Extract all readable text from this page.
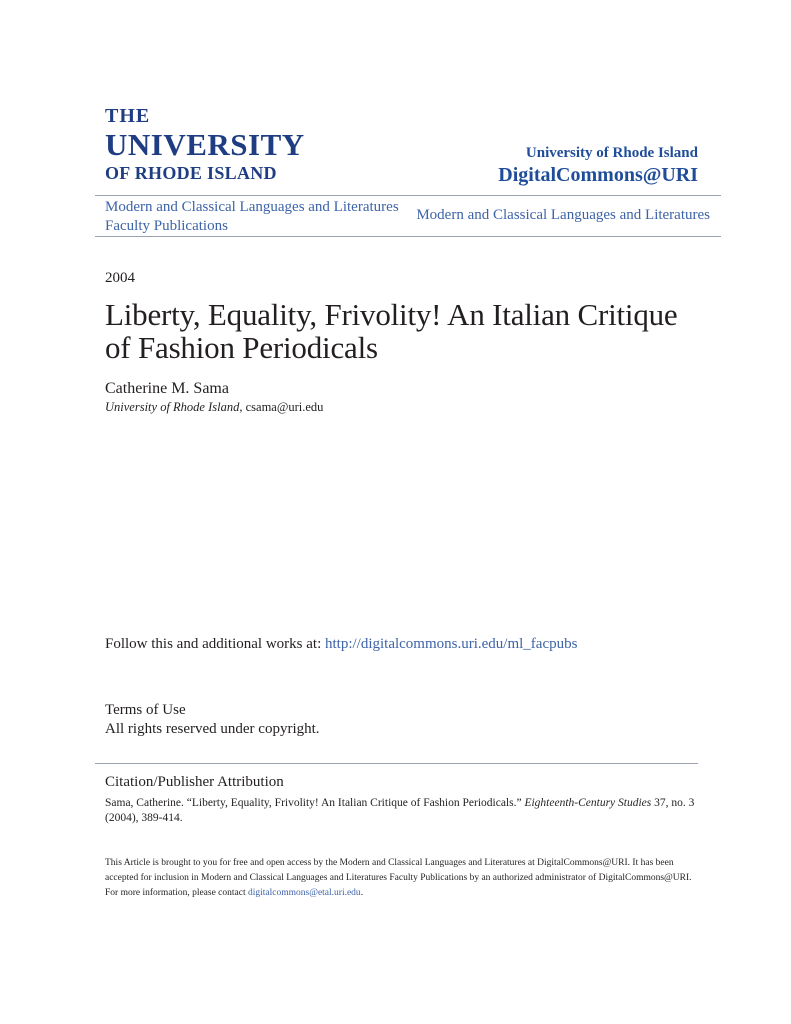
THE
UNIVERSITY
OF RHODE ISLAND
University of Rhode Island
DigitalCommons@URI
Modern and Classical Languages and Literatures
Faculty Publications
Modern and Classical Languages and Literatures
2004
Liberty, Equality, Frivolity! An Italian Critique of Fashion Periodicals
Catherine M. Sama
University of Rhode Island, csama@uri.edu
Follow this and additional works at: http://digitalcommons.uri.edu/ml_facpubs
Terms of Use
All rights reserved under copyright.
Citation/Publisher Attribution
Sama, Catherine. “Liberty, Equality, Frivolity! An Italian Critique of Fashion Periodicals.” Eighteenth-Century Studies 37, no. 3 (2004), 389-414.
This Article is brought to you for free and open access by the Modern and Classical Languages and Literatures at DigitalCommons@URI. It has been accepted for inclusion in Modern and Classical Languages and Literatures Faculty Publications by an authorized administrator of DigitalCommons@URI. For more information, please contact digitalcommons@etal.uri.edu.
